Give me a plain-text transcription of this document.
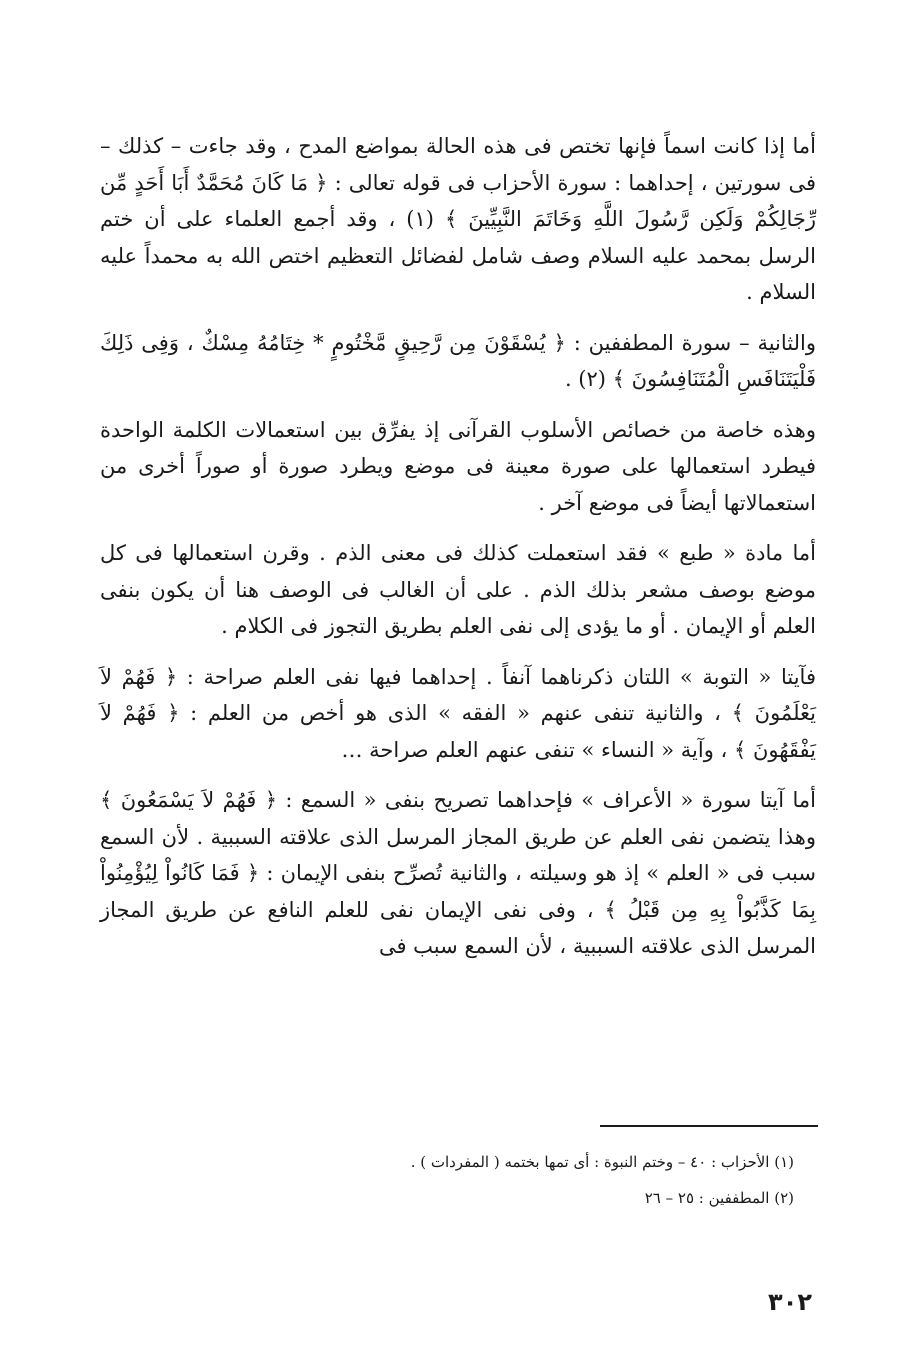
أما إذا كانت اسماً فإنها تختص فى هذه الحالة بمواضع المدح ، وقد جاءت – كذلك – فى سورتين ، إحداهما : سورة الأحزاب فى قوله تعالى : ﴿ مَا كَانَ مُحَمَّدٌ أَبَا أَحَدٍ مِّن رِّجَالِكُمْ وَلَكِن رَّسُولَ اللَّهِ وَخَاتَمَ النَّبِيِّينَ ﴾ (١) ، وقد أجمع العلماء على أن ختم الرسل بمحمد عليه السلام وصف شامل لفضائل التعظيم اختص الله به محمداً عليه السلام .

والثانية – سورة المطففين : ﴿ يُسْقَوْنَ مِن رَّحِيقٍ مَّخْتُومٍ * خِتَامُهُ مِسْكٌ ، وَفِى ذَلِكَ فَلْيَتَنَافَسِ الْمُتَنَافِسُونَ ﴾ (٢) .

وهذه خاصة من خصائص الأسلوب القرآنى إذ يفرِّق بين استعمالات الكلمة الواحدة فيطرد استعمالها على صورة معينة فى موضع ويطرد صورة أو صوراً أخرى من استعمالاتها أيضاً فى موضع آخر .

أما مادة « طبع » فقد استعملت كذلك فى معنى الذم . وقرن استعمالها فى كل موضع بوصف مشعر بذلك الذم . على أن الغالب فى الوصف هنا أن يكون بنفى العلم أو الإيمان . أو ما يؤدى إلى نفى العلم بطريق التجوز فى الكلام .

فآيتا « التوبة » اللتان ذكرناهما آنفاً . إحداهما فيها نفى العلم صراحة : ﴿ فَهُمْ لاَ يَعْلَمُونَ ﴾ ، والثانية تنفى عنهم « الفقه » الذى هو أخص من العلم : ﴿ فَهُمْ لاَ يَفْقَهُونَ ﴾ ، وآية « النساء » تنفى عنهم العلم صراحة …

أما آيتا سورة « الأعراف » فإحداهما تصريح بنفى « السمع : ﴿ فَهُمْ لاَ يَسْمَعُونَ ﴾ وهذا يتضمن نفى العلم عن طريق المجاز المرسل الذى علاقته السببية . لأن السمع سبب فى « العلم » إذ هو وسيلته ، والثانية تُصرِّح بنفى الإيمان : ﴿ فَمَا كَانُواْ لِيُؤْمِنُواْ بِمَا كَذَّبُواْ بِهِ مِن قَبْلُ ﴾ ، وفى نفى الإيمان نفى للعلم النافع عن طريق المجاز المرسل الذى علاقته السببية ، لأن السمع سبب فى

(١) الأحزاب : ٤٠ – وختم النبوة : أى تمها بختمه ( المفردات ) .
(٢) المطففين : ٢٥ – ٢٦
٣٠٢
